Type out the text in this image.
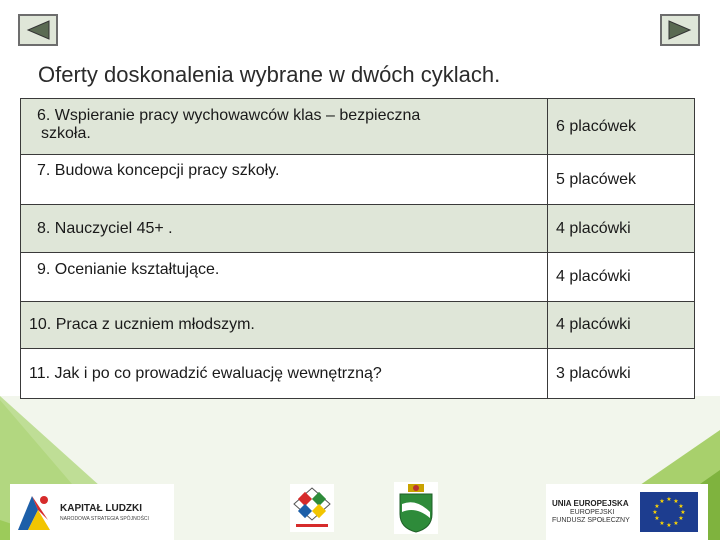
Oferty doskonalenia wybrane w dwóch cyklach.
6. Wspieranie pracy wychowawców klas – bezpieczna
szkoła.	6 placówek
7. Budowa koncepcji pracy szkoły.	5 placówek
8. Nauczyciel 45+ .	4 placówki
9. Ocenianie kształtujące.	4 placówki
10. Praca z uczniem młodszym.	4 placówki
11. Jak i po co prowadzić ewaluację wewnętrzną?	3 placówki
KAPITAŁ LUDZKI
NARODOWA STRATEGIA SPÓJNOŚCI
UNIA EUROPEJSKA
EUROPEJSKI
FUNDUSZ SPOŁECZNY
★ ★
★
★
★
★
★
★
★
★
★
★
